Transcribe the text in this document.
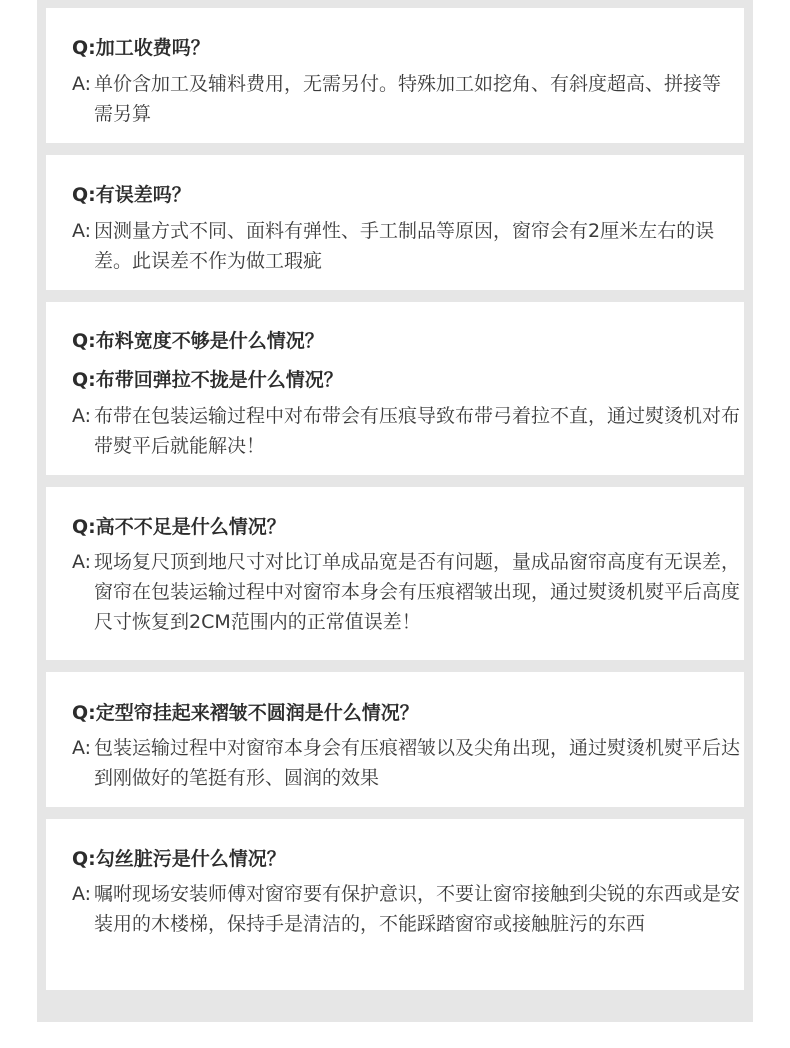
Q:加工收费吗？
A: 单价含加工及辅料费用，无需另付。特殊加工如挖角、有斜度超高、拼接等需另算
Q:有误差吗？
A: 因测量方式不同、面料有弹性、手工制品等原因，窗帘会有2厘米左右的误差。此误差不作为做工瑕疵
Q:布料宽度不够是什么情况？
Q:布带回弹拉不拢是什么情况？
A: 布带在包装运输过程中对布带会有压痕导致布带弓着拉不直，通过熨烫机对布带熨平后就能解决！
Q:高不不足是什么情况？
A: 现场复尺顶到地尺寸对比订单成品宽是否有问题，量成品窗帘高度有无误差，窗帘在包装运输过程中对窗帘本身会有压痕褶皱出现，通过熨烫机熨平后高度尺寸恢复到2CM范围内的正常值误差！
Q:定型帘挂起来褶皱不圆润是什么情况？
A: 包装运输过程中对窗帘本身会有压痕褶皱以及尖角出现，通过熨烫机熨平后达到刚做好的笔挺有形、圆润的效果
Q:勾丝脏污是什么情况？
A: 嘱咐现场安装师傅对窗帘要有保护意识，不要让窗帘接触到尖锐的东西或是安装用的木楼梯，保持手是清洁的，不能踩踏窗帘或接触脏污的东西
